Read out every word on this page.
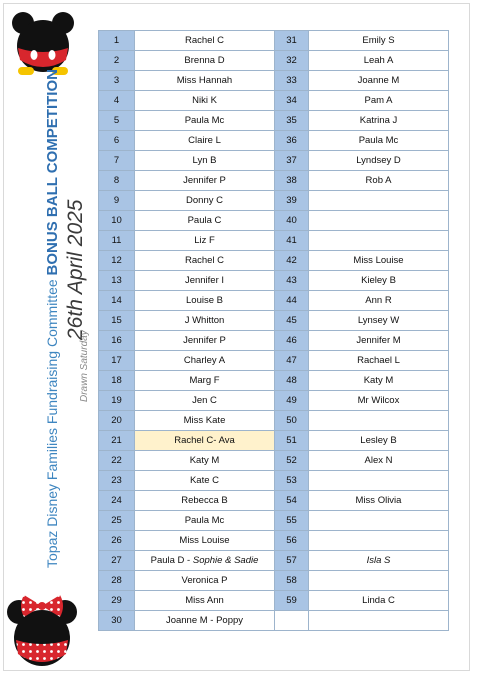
Topaz Disney Families Fundraising Committee BONUS BALL COMPETITION 26th April 2025
Drawn Saturday
1	Rachel C	31	Emily S
2	Brenna D	32	Leah A
3	Miss Hannah	33	Joanne M
4	Niki K	34	Pam A
5	Paula Mc	35	Katrina J
6	Claire L	36	Paula Mc
7	Lyn B	37	Lyndsey D
8	Jennifer P	38	Rob A
9	Donny C	39	
10	Paula C	40	
11	Liz F	41	
12	Rachel C	42	Miss Louise
13	Jennifer I	43	Kieley B
14	Louise B	44	Ann R
15	J Whitton	45	Lynsey W
16	Jennifer P	46	Jennifer M
17	Charley A	47	Rachael L
18	Marg F	48	Katy M
19	Jen C	49	Mr Wilcox
20	Miss Kate	50	
21	Rachel C- Ava	51	Lesley B
22	Katy M	52	Alex N
23	Kate C	53	
24	Rebecca B	54	Miss Olivia
25	Paula Mc	55	
26	Miss Louise	56	
27	Paula D - Sophie & Sadie	57	Isla S
28	Veronica P	58	
29	Miss Ann	59	Linda C
30	Joanne M - Poppy		
